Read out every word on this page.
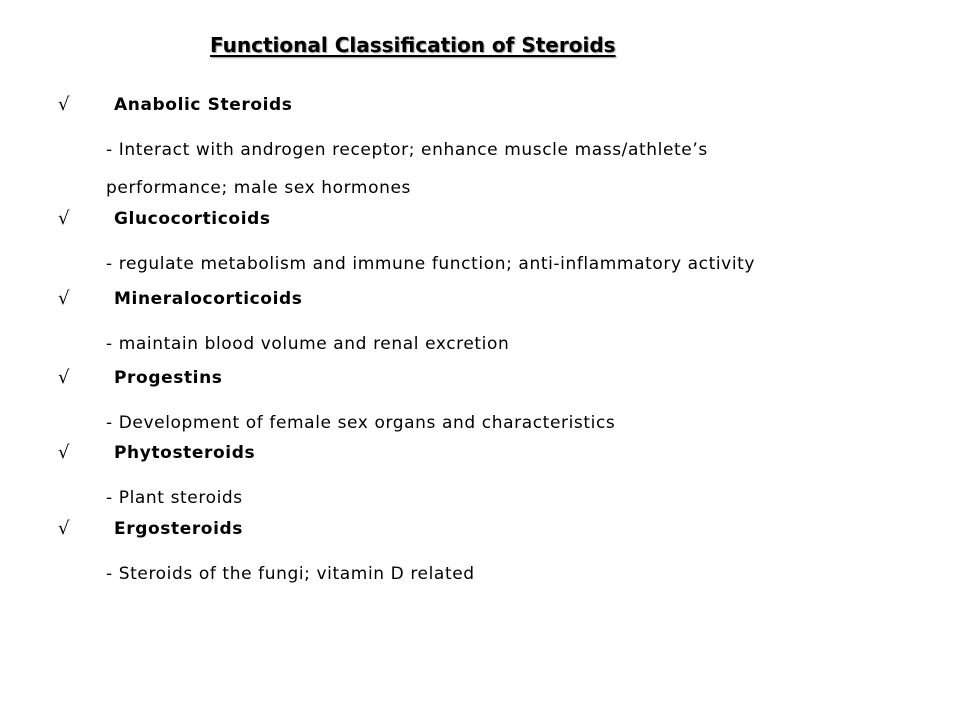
Functional Classification of Steroids
√	Anabolic Steroids

- Interact with androgen receptor; enhance muscle mass/athlete’s performance; male sex hormones

√	Glucocorticoids

- regulate metabolism and immune function; anti-inflammatory activity

√	Mineralocorticoids

- maintain blood volume and renal excretion

√	Progestins

- Development of female sex organs and characteristics

√	Phytosteroids

- Plant steroids

√	Ergosteroids

- Steroids of the fungi; vitamin D related
